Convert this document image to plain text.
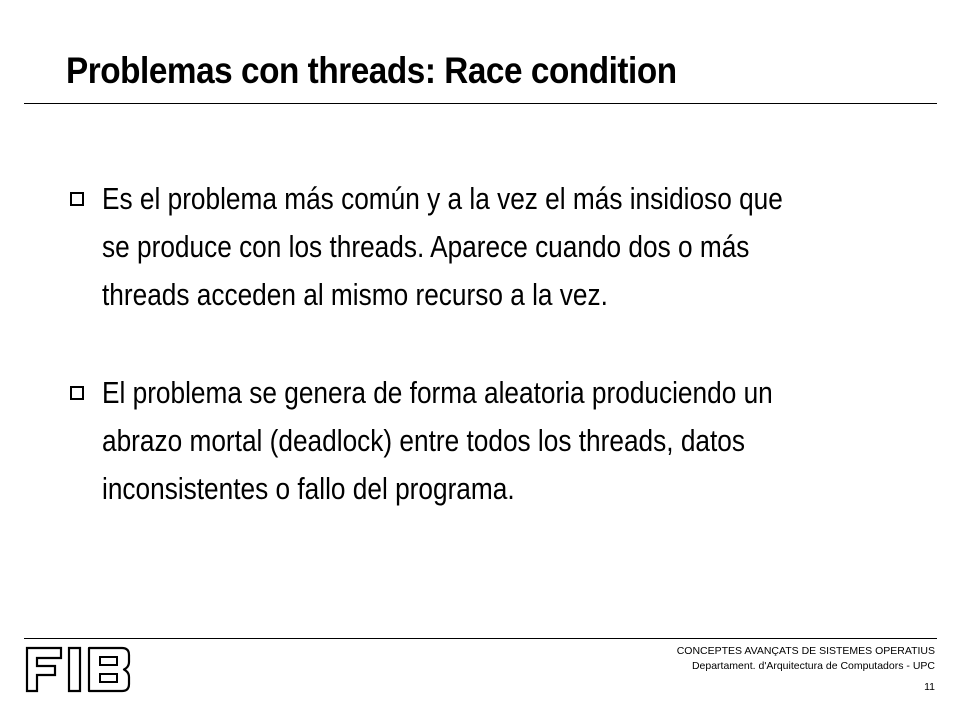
Problemas con threads: Race condition
Es el problema más común y a la vez el más insidioso que
se produce con los threads. Aparece cuando dos o más
threads acceden al mismo recurso a la vez.
El problema se genera de forma aleatoria produciendo un
abrazo mortal (deadlock) entre todos los threads, datos
inconsistentes o fallo del programa.
CONCEPTES AVANÇATS DE SISTEMES OPERATIUS
Departament. d'Arquitectura de Computadors - UPC
11
